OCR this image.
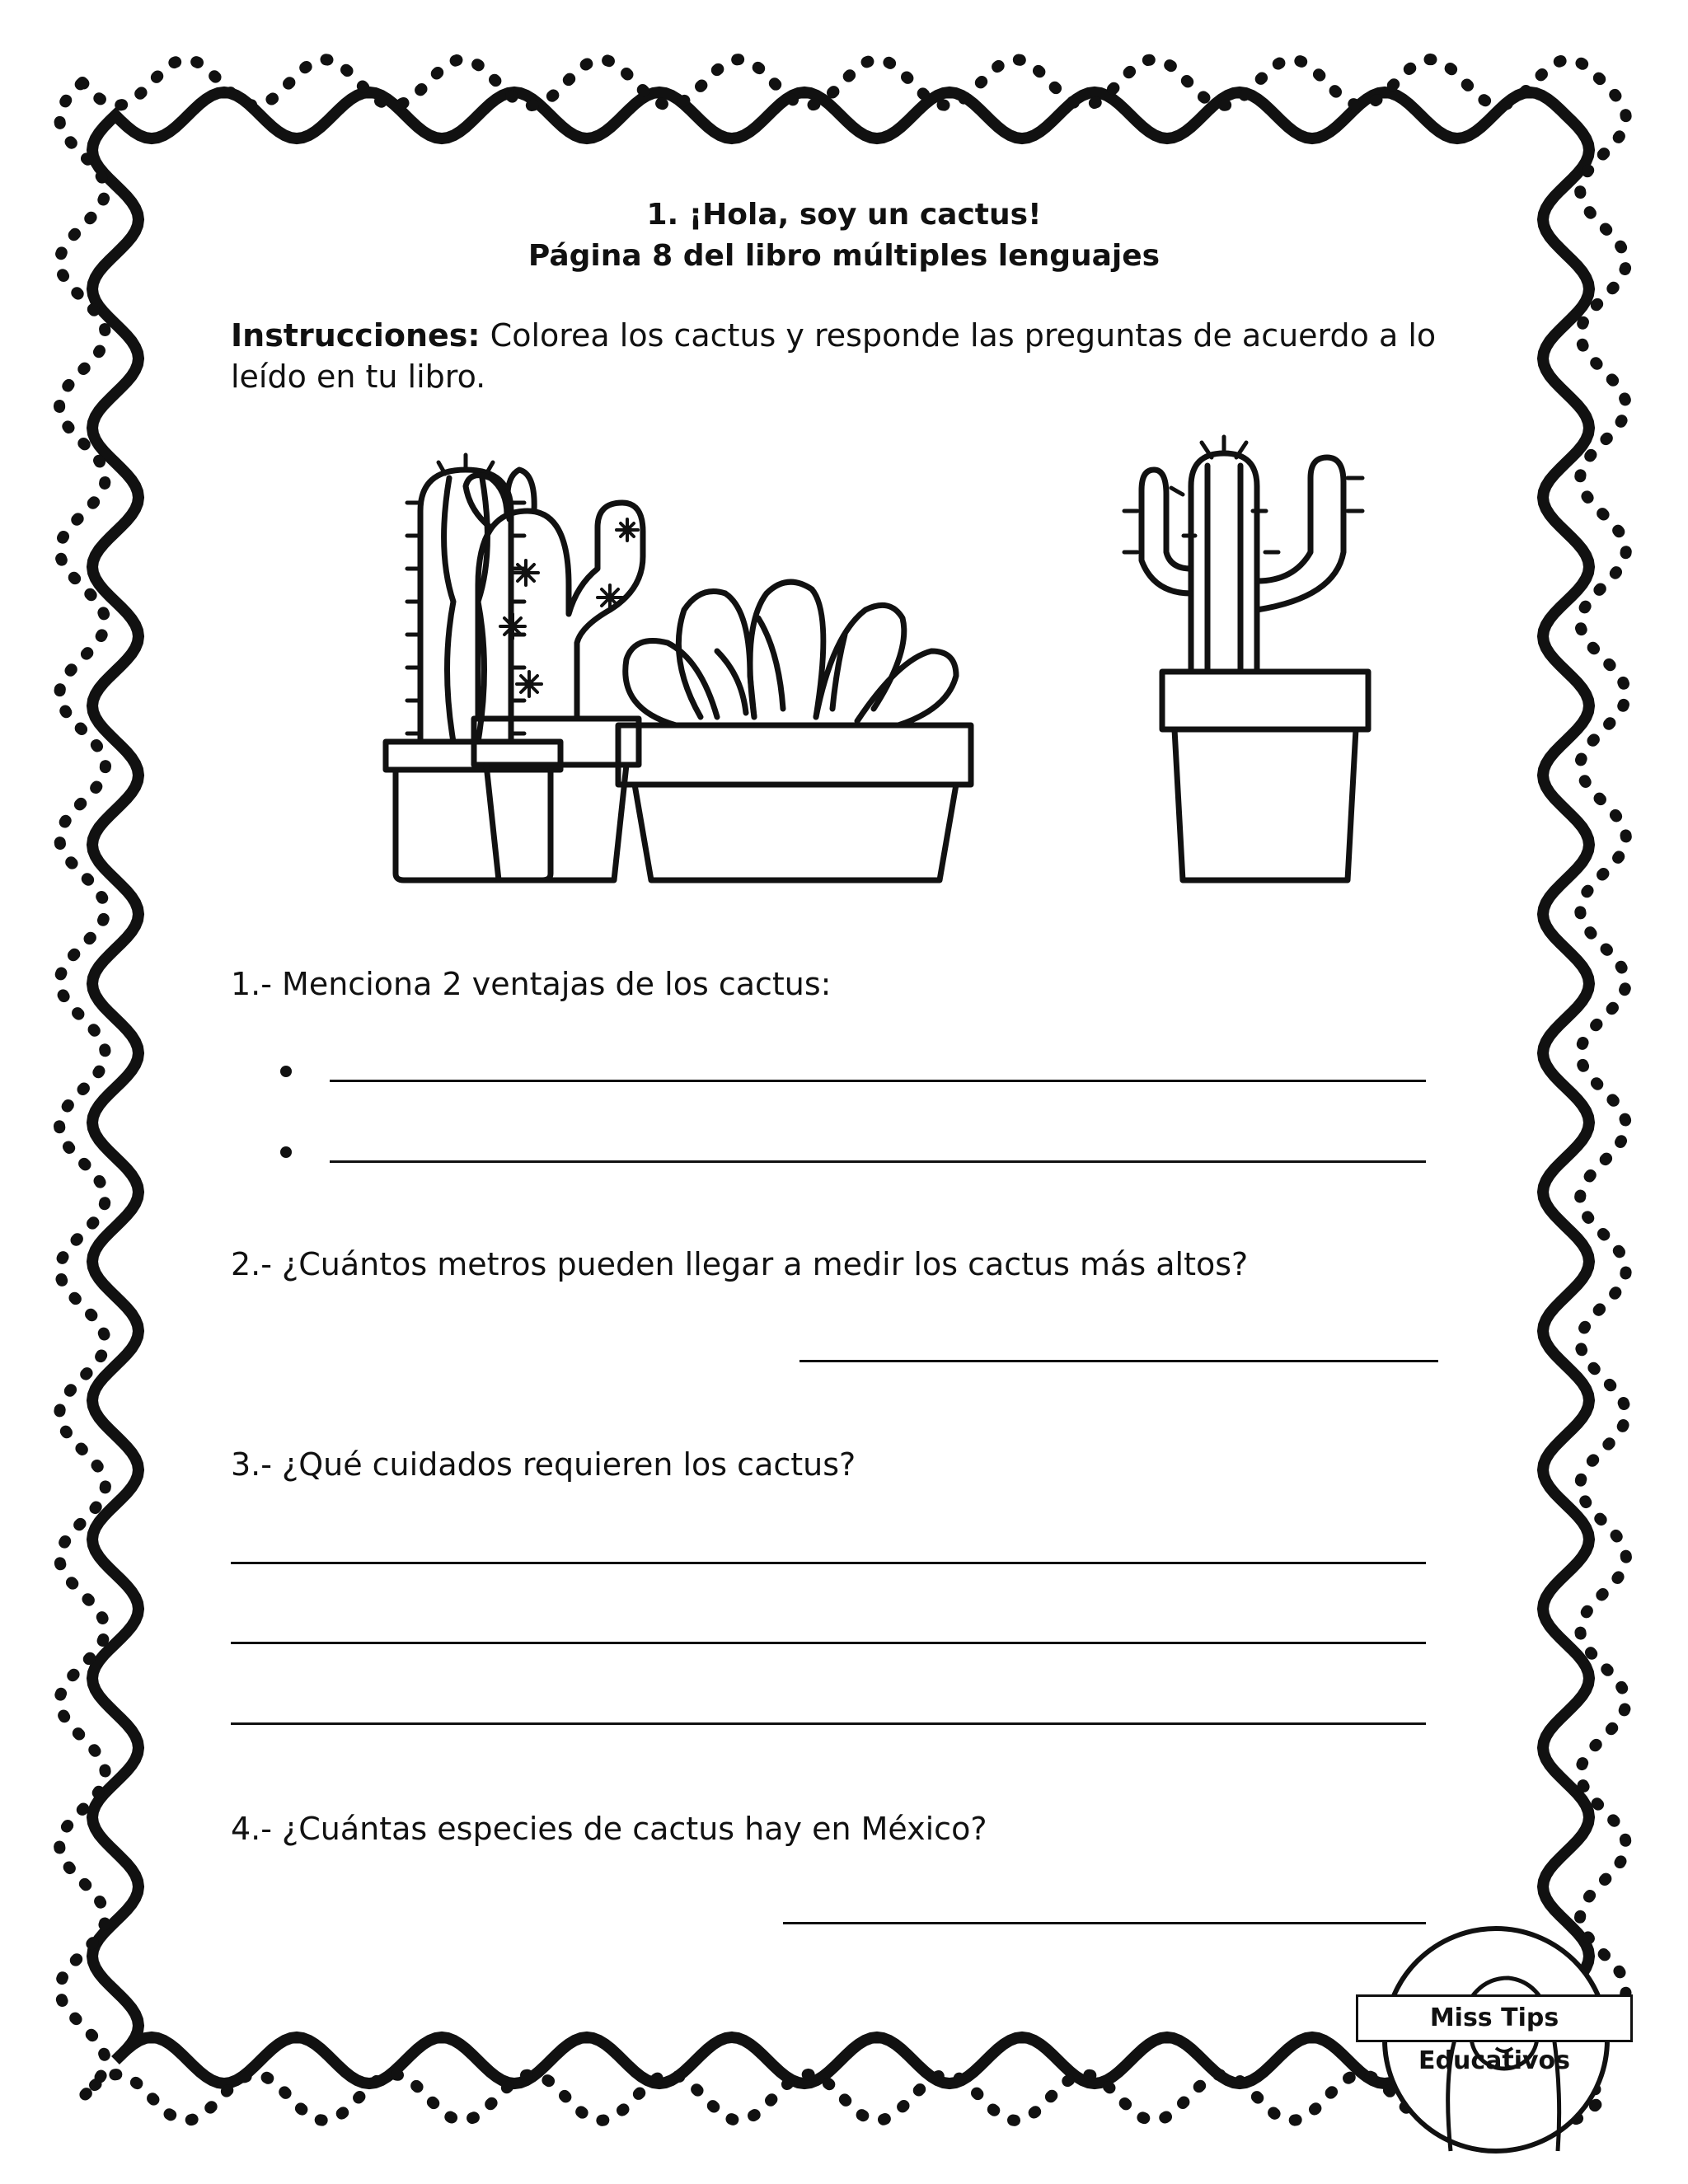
1. ¡Hola, soy un cactus!
Página 8 del libro múltiples lenguajes
Instrucciones: Colorea los cactus y responde las preguntas de acuerdo a lo leído en tu libro.
1.- Menciona 2 ventajas de los cactus:
2.- ¿Cuántos metros pueden llegar a medir los cactus más altos?
3.- ¿Qué cuidados requieren los cactus?
4.- ¿Cuántas especies de cactus hay en México?
Miss Tips Educativos
